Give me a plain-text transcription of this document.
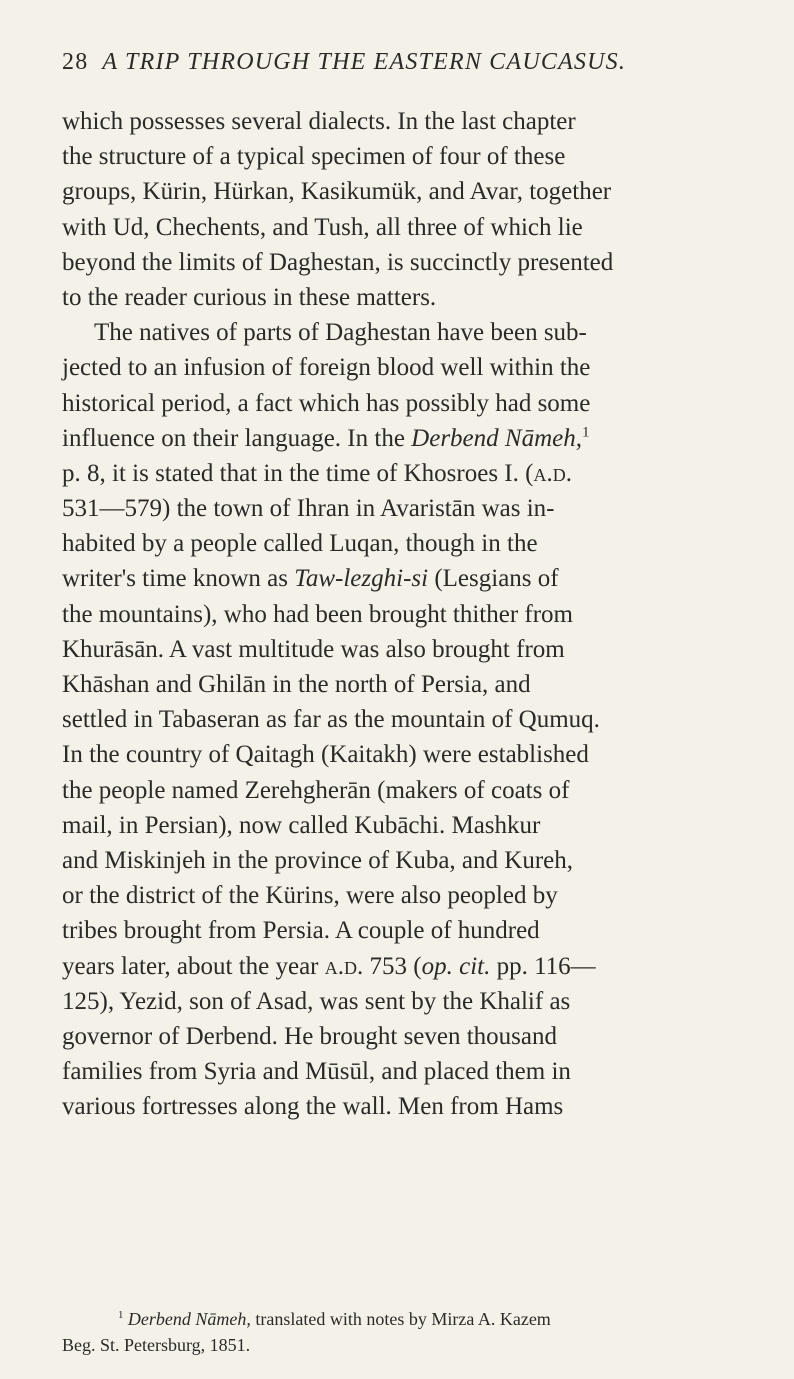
28 A TRIP THROUGH THE EASTERN CAUCASUS.
which possesses several dialects. In the last chapter
the structure of a typical specimen of four of these
groups, Kürin, Hürkan, Kasikumük, and Avar, together
with Ud, Chechents, and Tush, all three of which lie
beyond the limits of Daghestan, is succinctly presented
to the reader curious in these matters.
The natives of parts of Daghestan have been sub-
jected to an infusion of foreign blood well within the
historical period, a fact which has possibly had some
influence on their language. In the Derbend Nāmeh,$^1$
p. 8, it is stated that in the time of Khosroes I. (a.d.
531—579) the town of Ihran in Avaristān was in-
habited by a people called Luqan, though in the
writer's time known as Taw-lezghi-si (Lesgians of
the mountains), who had been brought thither from
Khurāsān. A vast multitude was also brought from
Khāshan and Ghilān in the north of Persia, and
settled in Tabaseran as far as the mountain of Qumuq.
In the country of Qaitagh (Kaitakh) were established
the people named Zerehgherān (makers of coats of
mail, in Persian), now called Kubāchi. Mashkur
and Miskinjeh in the province of Kuba, and Kureh,
or the district of the Kürins, were also peopled by
tribes brought from Persia. A couple of hundred
years later, about the year a.d. 753 (op. cit. pp. 116—
125), Yezid, son of Asad, was sent by the Khalif as
governor of Derbend. He brought seven thousand
families from Syria and Mūsūl, and placed them in
various fortresses along the wall. Men from Hams
$^1$ Derbend Nāmeh, translated with notes by Mirza A. Kazem
Beg. St. Petersburg, 1851.
